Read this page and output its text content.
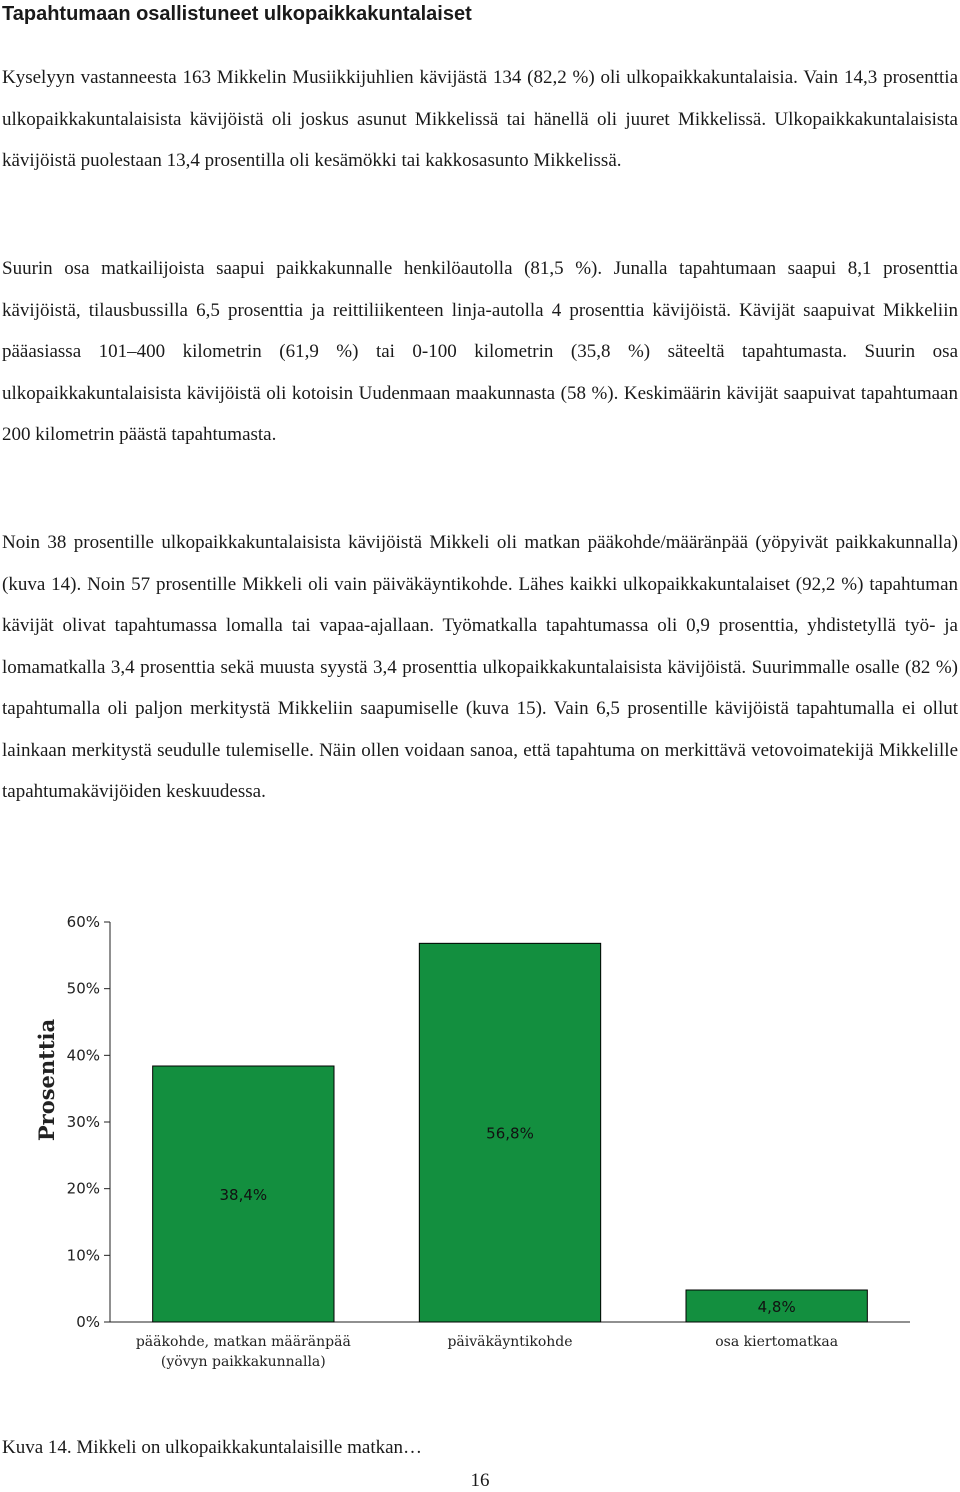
Tapahtumaan osallistuneet ulkopaikkakuntalaiset

Kyselyyn vastanneesta 163 Mikkelin Musiikkijuhlien kävijästä 134 (82,2 %) oli ulkopaikkakuntalaisia. Vain 14,3 prosenttia ulkopaikkakuntalaisista kävijöistä oli joskus asunut Mikkelissä tai hänellä oli juuret Mikkelissä. Ulkopaikkakuntalaisista kävijöistä puolestaan 13,4 prosentilla oli kesämökki tai kakkosasunto Mikkelissä.

Suurin osa matkailijoista saapui paikkakunnalle henkilöautolla (81,5 %). Junalla tapahtumaan saapui 8,1 prosenttia kävijöistä, tilausbussilla 6,5 prosenttia ja reittiliikenteen linja-autolla 4 prosenttia kävijöistä. Kävijät saapuivat Mikkeliin pääasiassa 101–400 kilometrin (61,9 %) tai 0-100 kilometrin (35,8 %) säteeltä tapahtumasta. Suurin osa ulkopaikkakuntalaisista kävijöistä oli kotoisin Uudenmaan maakunnasta (58 %). Keskimäärin kävijät saapuivat tapahtumaan 200 kilometrin päästä tapahtumasta.

Noin 38 prosentille ulkopaikkakuntalaisista kävijöistä Mikkeli oli matkan pääkohde/määränpää (yöpyivät paikkakunnalla) (kuva 14). Noin 57 prosentille Mikkeli oli vain päiväkäyntikohde. Lähes kaikki ulkopaikkakuntalaiset (92,2 %) tapahtuman kävijät olivat tapahtumassa lomalla tai vapaa-ajallaan. Työmatkalla tapahtumassa oli 0,9 prosenttia, yhdistetyllä työ- ja lomamatkalla 3,4 prosenttia sekä muusta syystä 3,4 prosenttia ulkopaikkakuntalaisista kävijöistä. Suurimmalle osalle (82 %) tapahtumalla oli paljon merkitystä Mikkeliin saapumiselle (kuva 15). Vain 6,5 prosentille kävijöistä tapahtumalla ei ollut lainkaan merkitystä seudulle tulemiselle. Näin ollen voidaan sanoa, että tapahtuma on merkittävä vetovoimatekijä Mikkelille tapahtumakävijöiden keskuudessa.

Prosenttia
0%
10%
20%
30%
40%
50%
60%
38,4%
pääkohde, matkan määränpää
(yövyn paikkakunnalla)
56,8%
päiväkäyntikohde
4,8%
osa kiertomatkaa

Kuva 14. Mikkeli on ulkopaikkakuntalaisille matkan…

16
